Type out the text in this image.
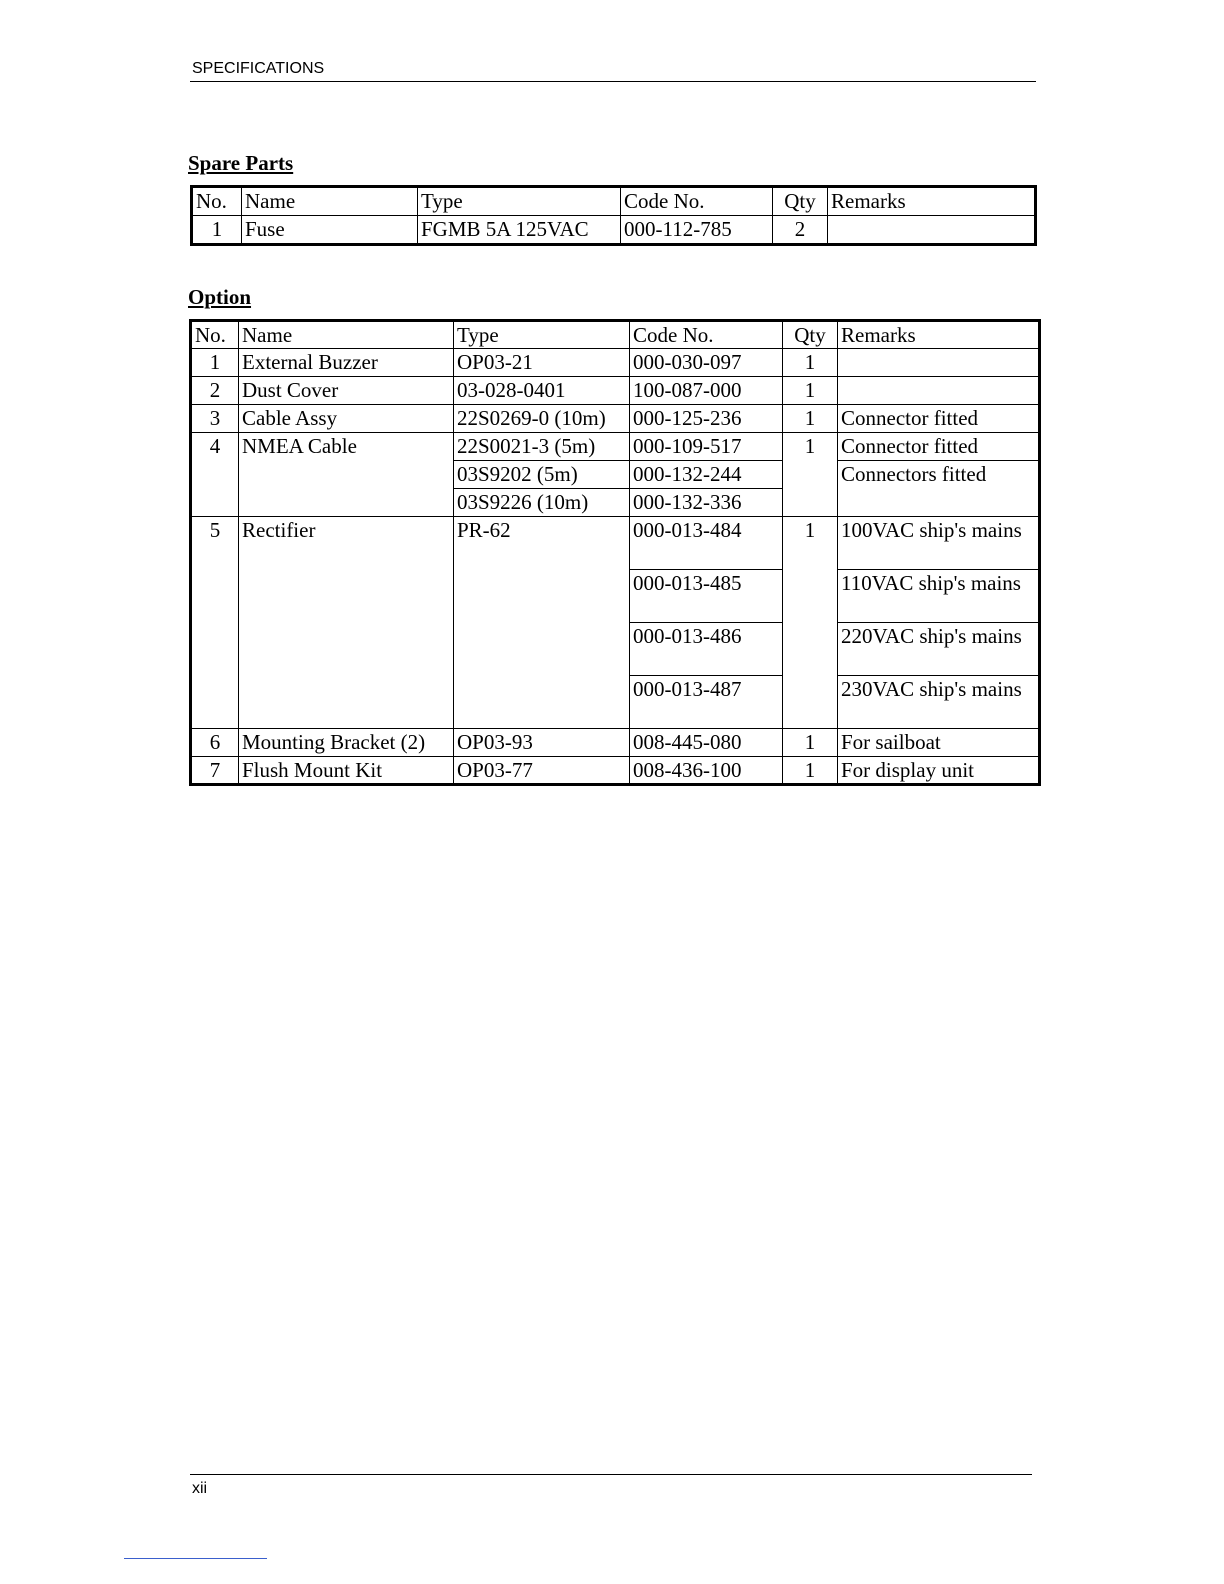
SPECIFICATIONS
Spare Parts
No.	Name	Type	Code No.	Qty	Remarks
1	Fuse	FGMB 5A 125VAC	000-112-785	2	
Option
No.	Name	Type	Code No.	Qty	Remarks
1	External Buzzer	OP03-21	000-030-097	1	
2	Dust Cover	03-028-0401	100-087-000	1	
3	Cable Assy	22S0269-0 (10m)	000-125-236	1	Connector fitted
4	NMEA Cable	22S0021-3 (5m)	000-109-517	1	Connector fitted
		03S9202 (5m)	000-132-244		Connectors fitted
		03S9226 (10m)	000-132-336		
5	Rectifier	PR-62	000-013-484	1	100VAC ship's mains
			000-013-485		110VAC ship's mains
			000-013-486		220VAC ship's mains
			000-013-487		230VAC ship's mains
6	Mounting Bracket (2)	OP03-93	008-445-080	1	For sailboat
7	Flush Mount Kit	OP03-77	008-436-100	1	For display unit
xii
